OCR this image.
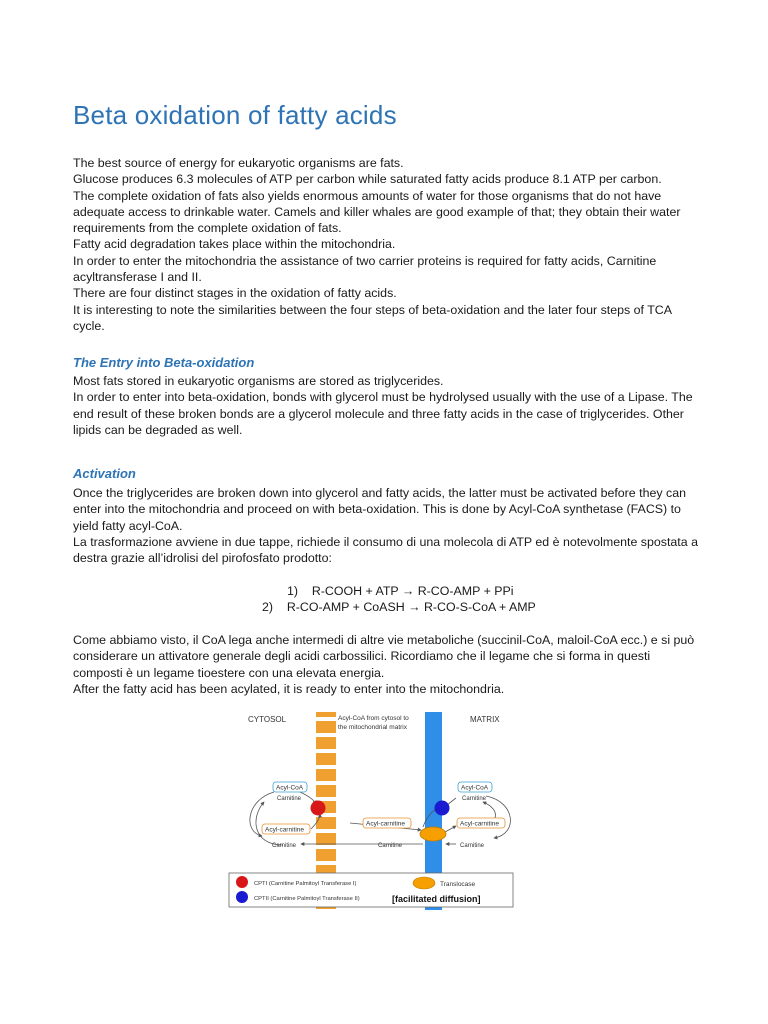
Beta oxidation of fatty acids

The best source of energy for eukaryotic organisms are fats.

Glucose produces 6.3 molecules of ATP per carbon while saturated fatty acids produce 8.1 ATP per carbon.

The complete oxidation of fats also yields enormous amounts of water for those organisms that do not have adequate access to drinkable water. Camels and killer whales are good example of that; they obtain their water requirements from the complete oxidation of fats.

Fatty acid degradation takes place within the mitochondria.

In order to enter the mitochondria the assistance of two carrier proteins is required for fatty acids, Carnitine acyltransferase I and II.

There are four distinct stages in the oxidation of fatty acids.

It is interesting to note the similarities between the four steps of beta-oxidation and the later four steps of TCA cycle.

The Entry into Beta-oxidation

Most fats stored in eukaryotic organisms are stored as triglycerides.

In order to enter into beta-oxidation, bonds with glycerol must be hydrolysed usually with the use of a Lipase. The end result of these broken bonds are a glycerol molecule and three fatty acids in the case of triglycerides. Other lipids can be degraded as well.

Activation

Once the triglycerides are broken down into glycerol and fatty acids, the latter must be activated before they can enter into the mitochondria and proceed on with beta-oxidation. This is done by Acyl-CoA synthetase (FACS) to yield fatty acyl-CoA.

La trasformazione avviene in due tappe, richiede il consumo di una molecola di ATP ed è notevolmente spostata a destra grazie all’idrolisi del pirofosfato prodotto:

1) R-COOH + ATP → R-CO-AMP + PPi
2) R-CO-AMP + CoASH → R-CO-S-CoA + AMP

Come abbiamo visto, il CoA lega anche intermedi di altre vie metaboliche (succinil-CoA, maloil-CoA ecc.) e si può considerare un attivatore generale degli acidi carbossilici. Ricordiamo che il legame che si forma in questi composti è un legame tioestere con una elevata energia.

After the fatty acid has been acylated, it is ready to enter into the mitochondria.

CYTOSOL	MATRIX
Acyl-CoA from cytosol to
the mitochondrial matrix
Acyl-CoA
Carnitine
Acyl-carnitine
Carnitine
Acyl-carnitine
Carnitine
Acyl-CoA
Carnitine
Acyl-carnitine
Carnitine
CPTI (Carnitine Palmitoyl Transferase I)
CPTII (Carnitine Palmitoyl Transferase II)
Translocase
[facilitated diffusion]
